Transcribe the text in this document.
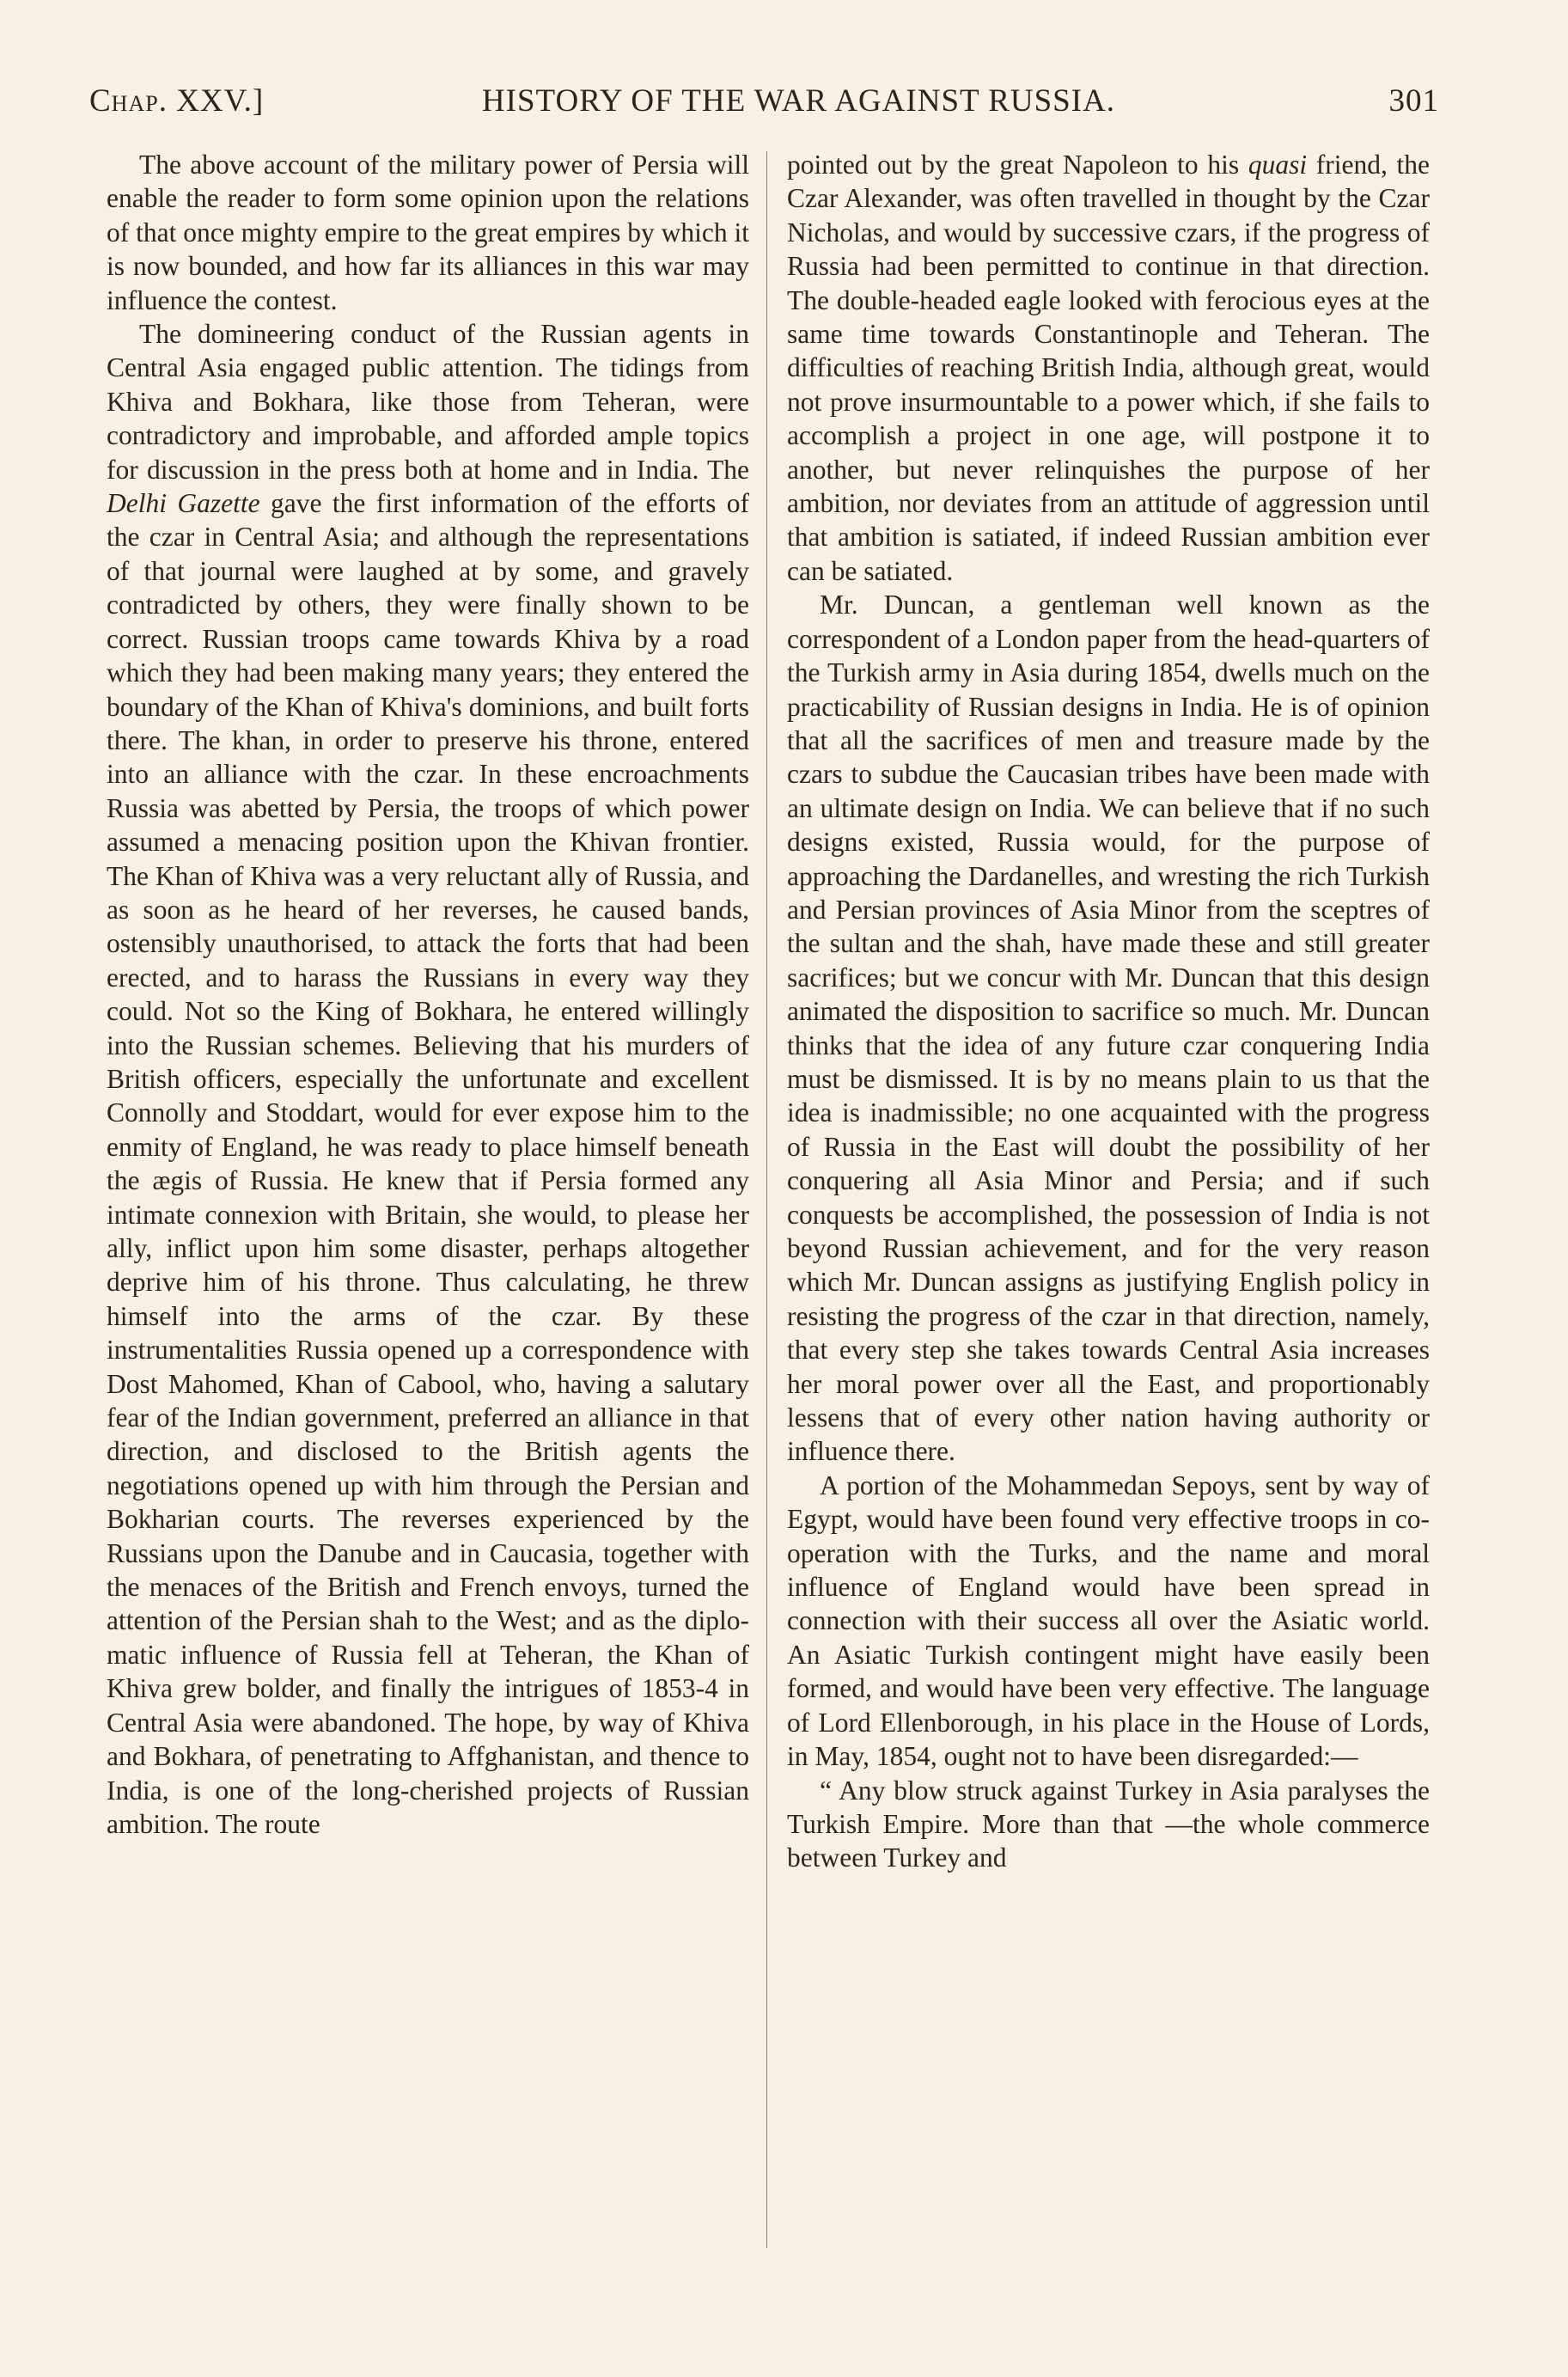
Chap. XXV.]	HISTORY OF THE WAR AGAINST RUSSIA.	301

The above account of the military power of Persia will enable the reader to form some opinion upon the relations of that once mighty empire to the great empires by which it is now bounded, and how far its alliances in this war may influence the contest.

The domineering conduct of the Russian agents in Central Asia engaged public attention. The tidings from Khiva and Bokhara, like those from Teheran, were contradictory and improbable, and afforded ample topics for discussion in the press both at home and in India. The Delhi Gazette gave the first information of the efforts of the czar in Central Asia; and although the representations of that journal were laughed at by some, and gravely contradicted by others, they were finally shown to be correct. Russian troops came towards Khiva by a road which they had been making many years; they entered the boundary of the Khan of Khiva's dominions, and built forts there. The khan, in order to preserve his throne, entered into an alliance with the czar. In these encroachments Russia was abetted by Persia, the troops of which power assumed a menacing position upon the Khivan frontier. The Khan of Khiva was a very reluctant ally of Russia, and as soon as he heard of her reverses, he caused bands, ostensibly unauthorised, to attack the forts that had been erected, and to harass the Russians in every way they could. Not so the King of Bokhara, he entered willingly into the Russian schemes. Believing that his murders of British officers, especially the unfortunate and excellent Connolly and Stoddart, would for ever expose him to the enmity of England, he was ready to place himself beneath the ægis of Russia. He knew that if Persia formed any intimate connexion with Britain, she would, to please her ally, inflict upon him some disaster, perhaps altogether deprive him of his throne. Thus calculating, he threw himself into the arms of the czar. By these instrumentalities Russia opened up a correspondence with Dost Mahomed, Khan of Cabool, who, having a salutary fear of the Indian government, preferred an alliance in that direction, and disclosed to the British agents the negotiations opened up with him through the Persian and Bokharian courts. The reverses experienced by the Russians upon the Danube and in Caucasia, together with the menaces of the British and French envoys, turned the attention of the Persian shah to the West; and as the diplomatic influence of Russia fell at Teheran, the Khan of Khiva grew bolder, and finally the intrigues of 1853-4 in Central Asia were abandoned. The hope, by way of Khiva and Bokhara, of penetrating to Affghanistan, and thence to India, is one of the long-cherished projects of Russian ambition. The route

pointed out by the great Napoleon to his quasi friend, the Czar Alexander, was often travelled in thought by the Czar Nicholas, and would by successive czars, if the progress of Russia had been permitted to continue in that direction. The double-headed eagle looked with ferocious eyes at the same time towards Constantinople and Teheran. The difficulties of reaching British India, although great, would not prove insurmountable to a power which, if she fails to accomplish a project in one age, will postpone it to another, but never relinquishes the purpose of her ambition, nor deviates from an attitude of aggression until that ambition is satiated, if indeed Russian ambition ever can be satiated.

Mr. Duncan, a gentleman well known as the correspondent of a London paper from the head-quarters of the Turkish army in Asia during 1854, dwells much on the practicability of Russian designs in India. He is of opinion that all the sacrifices of men and treasure made by the czars to subdue the Caucasian tribes have been made with an ultimate design on India. We can believe that if no such designs existed, Russia would, for the purpose of approaching the Dardanelles, and wresting the rich Turkish and Persian provinces of Asia Minor from the sceptres of the sultan and the shah, have made these and still greater sacrifices; but we concur with Mr. Duncan that this design animated the disposition to sacrifice so much. Mr. Duncan thinks that the idea of any future czar conquering India must be dismissed. It is by no means plain to us that the idea is inadmissible; no one acquainted with the progress of Russia in the East will doubt the possibility of her conquering all Asia Minor and Persia; and if such conquests be accomplished, the possession of India is not beyond Russian achievement, and for the very reason which Mr. Duncan assigns as justifying English policy in resisting the progress of the czar in that direction, namely, that every step she takes towards Central Asia increases her moral power over all the East, and proportionably lessens that of every other nation having authority or influence there.

A portion of the Mohammedan Sepoys, sent by way of Egypt, would have been found very effective troops in co-operation with the Turks, and the name and moral influence of England would have been spread in connection with their success all over the Asiatic world. An Asiatic Turkish contingent might have easily been formed, and would have been very effective. The language of Lord Ellenborough, in his place in the House of Lords, in May, 1854, ought not to have been disregarded:—

“ Any blow struck against Turkey in Asia paralyses the Turkish Empire. More than that —the whole commerce between Turkey and
